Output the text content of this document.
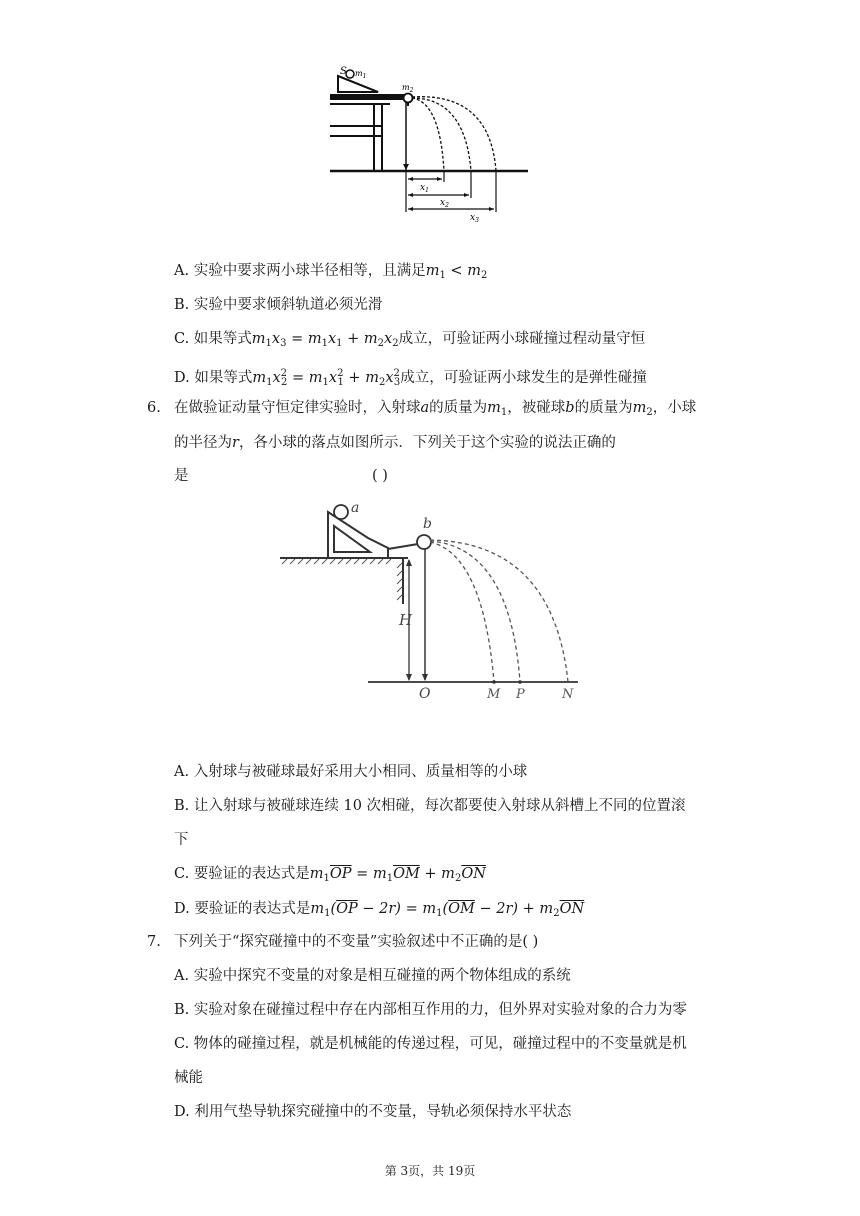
S $m_1$
$m_2$
$x_1$
$x_2$
$x_3$
A. 实验中要求两小球半径相等，且满足$m_1 < m_2$
B. 实验中要求倾斜轨道必须光滑
C. 如果等式$m_1x_3 = m_1x_1 + m_2x_2$成立，可验证两小球碰撞过程动量守恒
D. 如果等式$m_1x^2_2 = m_1x^2_1 + m_2x^2_3$成立，可验证两小球发生的是弹性碰撞
6. 在做验证动量守恒定律实验时，入射球a的质量为$m_1$，被碰球b的质量为$m_2$，小球
的半径为r，各小球的落点如图所示．下列关于这个实验的说法正确的
是	( )
a
b
H
O	M P	N
A. 入射球与被碰球最好采用大小相同、质量相等的小球
B. 让入射球与被碰球连续 10 次相碰，每次都要使入射球从斜槽上不同的位置滚
下
C. 要验证的表达式是$m_1\overline{OP} = m_1\overline{OM} + m_2\overline{ON}$
D. 要验证的表达式是$m_1(\overline{OP} - 2r) = m_1(\overline{OM} - 2r) + m_2\overline{ON}$
7. 下列关于“探究碰撞中的不变量”实验叙述中不正确的是( )
A. 实验中探究不变量的对象是相互碰撞的两个物体组成的系统
B. 实验对象在碰撞过程中存在内部相互作用的力，但外界对实验对象的合力为零
C. 物体的碰撞过程，就是机械能的传递过程，可见，碰撞过程中的不变量就是机
械能
D. 利用气垫导轨探究碰撞中的不变量，导轨必须保持水平状态
第 3页，共 19页
